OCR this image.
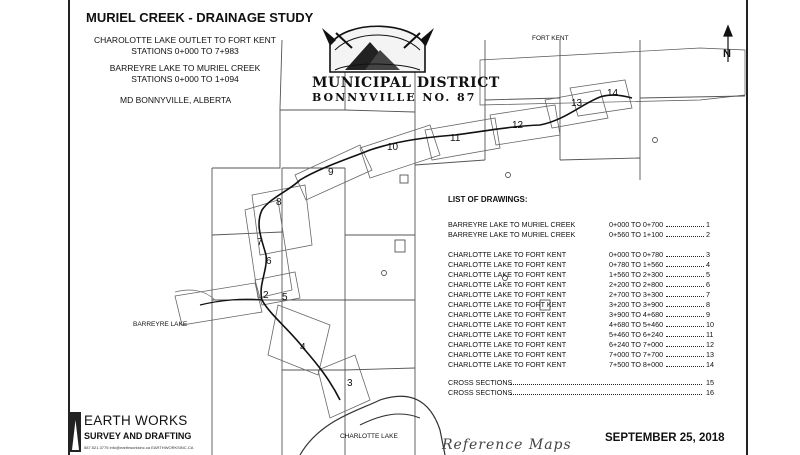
MURIEL CREEK - DRAINAGE STUDY
CHAROLOTTE LAKE OUTLET TO FORT KENT
STATIONS 0+000 TO 7+983
BARREYRE LAKE TO MURIEL CREEK
STATIONS 0+000 TO 1+094
MD BONNYVILLE, ALBERTA
MUNICIPAL DISTRICT
BONNYVILLE NO. 87
N
FORT KENT
BARREYRE LAKE
CHARLOTTE LAKE
2
3
4
5
6
7
8
9
10
11
12
13
14
LIST OF DRAWINGS:
BARREYRE LAKE TO MURIEL CREEK	0+000 TO 0+700	1
BARREYRE LAKE TO MURIEL CREEK	0+560 TO 1+100	2
CHARLOTTE LAKE TO FORT KENT	0+000 TO 0+780	3
CHARLOTTE LAKE TO FORT KENT	0+780 TO 1+560	4
CHARLOTTE LAKE TO FORT KENT	1+560 TO 2+300	5
CHARLOTTE LAKE TO FORT KENT	2+200 TO 2+800	6
CHARLOTTE LAKE TO FORT KENT	2+700 TO 3+300	7
CHARLOTTE LAKE TO FORT KENT	3+200 TO 3+900	8
CHARLOTTE LAKE TO FORT KENT	3+900 TO 4+680	9
CHARLOTTE LAKE TO FORT KENT	4+680 TO 5+460	10
CHARLOTTE LAKE TO FORT KENT	5+460 TO 6+240	11
CHARLOTTE LAKE TO FORT KENT	6+240 TO 7+000	12
CHARLOTTE LAKE TO FORT KENT	7+000 TO 7+700	13
CHARLOTTE LAKE TO FORT KENT	7+500 TO 8+000	14
CROSS SECTIONS	15
CROSS SECTIONS	16
EARTH WORKS
SURVEY AND DRAFTING
587.521.3775 info@earthworksinc.ca EARTHWORKSINC.CA	Reference Maps	SEPTEMBER 25, 2018
